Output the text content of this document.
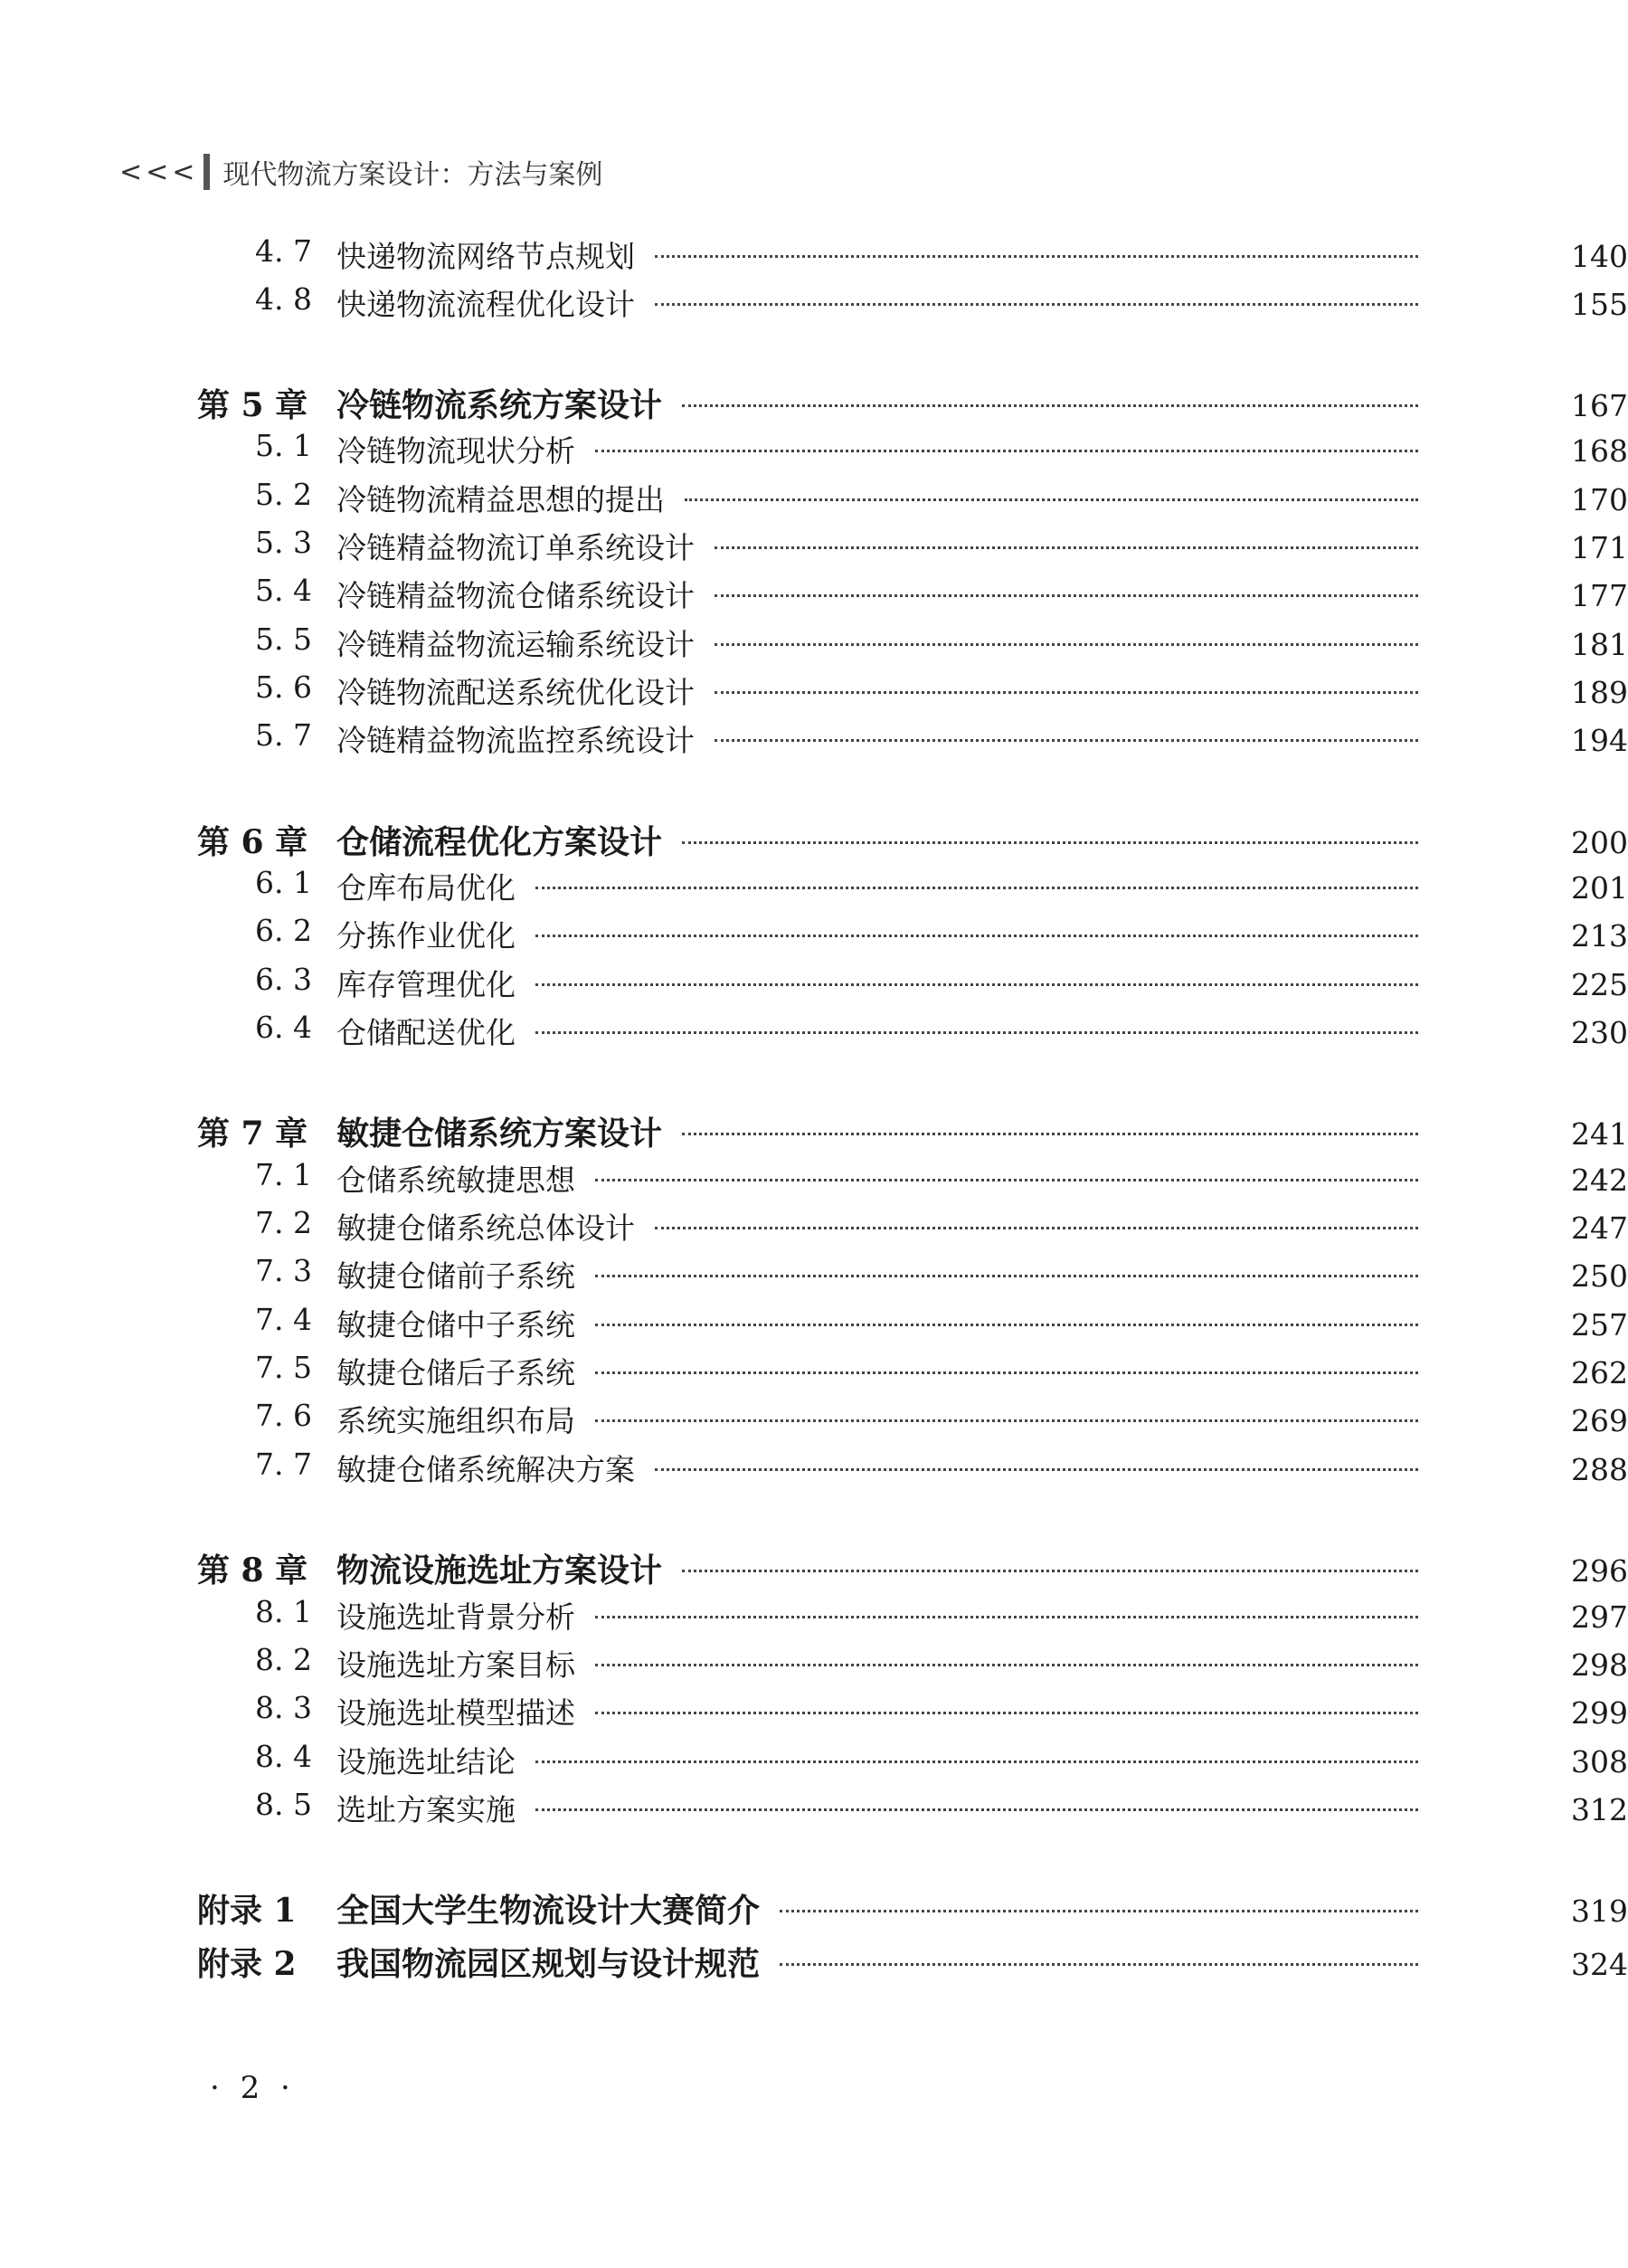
<<< 现代物流方案设计：方法与案例
4. 7 快递物流网络节点规划	140
4. 8 快递物流流程优化设计	155
第 5 章 冷链物流系统方案设计	167
5. 1 冷链物流现状分析	168
5. 2 冷链物流精益思想的提出	170
5. 3 冷链精益物流订单系统设计	171
5. 4 冷链精益物流仓储系统设计	177
5. 5 冷链精益物流运输系统设计	181
5. 6 冷链物流配送系统优化设计	189
5. 7 冷链精益物流监控系统设计	194
第 6 章 仓储流程优化方案设计	200
6. 1 仓库布局优化	201
6. 2 分拣作业优化	213
6. 3 库存管理优化	225
6. 4 仓储配送优化	230
第 7 章 敏捷仓储系统方案设计	241
7. 1 仓储系统敏捷思想	242
7. 2 敏捷仓储系统总体设计	247
7. 3 敏捷仓储前子系统	250
7. 4 敏捷仓储中子系统	257
7. 5 敏捷仓储后子系统	262
7. 6 系统实施组织布局	269
7. 7 敏捷仓储系统解决方案	288
第 8 章 物流设施选址方案设计	296
8. 1 设施选址背景分析	297
8. 2 设施选址方案目标	298
8. 3 设施选址模型描述	299
8. 4 设施选址结论	308
8. 5 选址方案实施	312
附录 1 全国大学生物流设计大赛简介	319
附录 2 我国物流园区规划与设计规范	324
· 2 ·
